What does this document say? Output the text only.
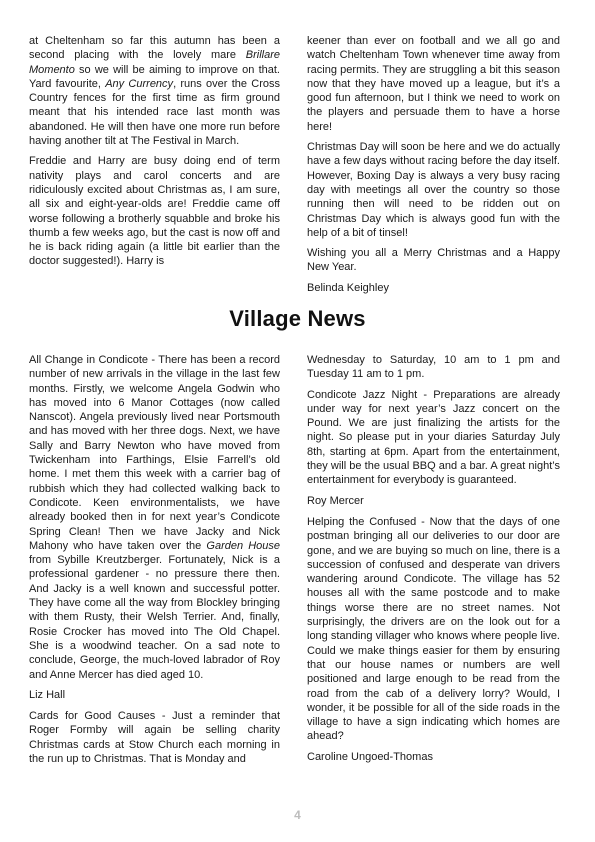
at Cheltenham so far this autumn has been a second placing with the lovely mare Brillare Momento so we will be aiming to improve on that. Yard favourite, Any Currency, runs over the Cross Country fences for the first time as firm ground meant that his intended race last month was abandoned. He will then have one more run before having another tilt at The Festival in March.

Freddie and Harry are busy doing end of term nativity plays and carol concerts and are ridiculously excited about Christmas as, I am sure, all six and eight-year-olds are! Freddie came off worse following a brotherly squabble and broke his thumb a few weeks ago, but the cast is now off and he is back riding again (a little bit earlier than the doctor suggested!). Harry is

keener than ever on football and we all go and watch Cheltenham Town whenever time away from racing permits. They are struggling a bit this season now that they have moved up a league, but it’s a good fun afternoon, but I think we need to work on the players and persuade them to have a horse here!

Christmas Day will soon be here and we do actually have a few days without racing before the day itself. However, Boxing Day is always a very busy racing day with meetings all over the country so those running then will need to be ridden out on Christmas Day which is always good fun with the help of a bit of tinsel!

Wishing you all a Merry Christmas and a Happy New Year.

Belinda Keighley

Village News

All Change in Condicote - There has been a record number of new arrivals in the village in the last few months. Firstly, we welcome Angela Godwin who has moved into 6 Manor Cottages (now called Nanscot). Angela previously lived near Portsmouth and has moved with her three dogs. Next, we have Sally and Barry Newton who have moved from Twickenham into Farthings, Elsie Farrell’s old home. I met them this week with a carrier bag of rubbish which they had collected walking back to Condicote. Keen environmentalists, we have already booked then in for next year’s Condicote Spring Clean! Then we have Jacky and Nick Mahony who have taken over the Garden House from Sybille Kreutzberger. Fortunately, Nick is a professional gardener - no pressure there then. And Jacky is a well known and successful potter. They have come all the way from Blockley bringing with them Rusty, their Welsh Terrier. And, finally, Rosie Crocker has moved into The Old Chapel. She is a woodwind teacher. On a sad note to conclude, George, the much-loved labrador of Roy and Anne Mercer has died aged 10.

Liz Hall

Cards for Good Causes - Just a reminder that Roger Formby will again be selling charity Christmas cards at Stow Church each morning in the run up to Christmas. That is Monday and

Wednesday to Saturday, 10 am to 1 pm and Tuesday 11 am to 1 pm.

Condicote Jazz Night - Preparations are already under way for next year’s Jazz concert on the Pound. We are just finalizing the artists for the night. So please put in your diaries Saturday July 8th, starting at 6pm. Apart from the entertainment, they will be the usual BBQ and a bar. A great night’s entertainment for everybody is guaranteed.

Roy Mercer

Helping the Confused - Now that the days of one postman bringing all our deliveries to our door are gone, and we are buying so much on line, there is a succession of confused and desperate van drivers wandering around Condicote. The village has 52 houses all with the same postcode and to make things worse there are no street names. Not surprisingly, the drivers are on the look out for a long standing villager who knows where people live. Could we make things easier for them by ensuring that our house names or numbers are well positioned and large enough to be read from the road from the cab of a delivery lorry? Would, I wonder, it be possible for all of the side roads in the village to have a sign indicating which homes are ahead?

Caroline Ungoed-Thomas

4
